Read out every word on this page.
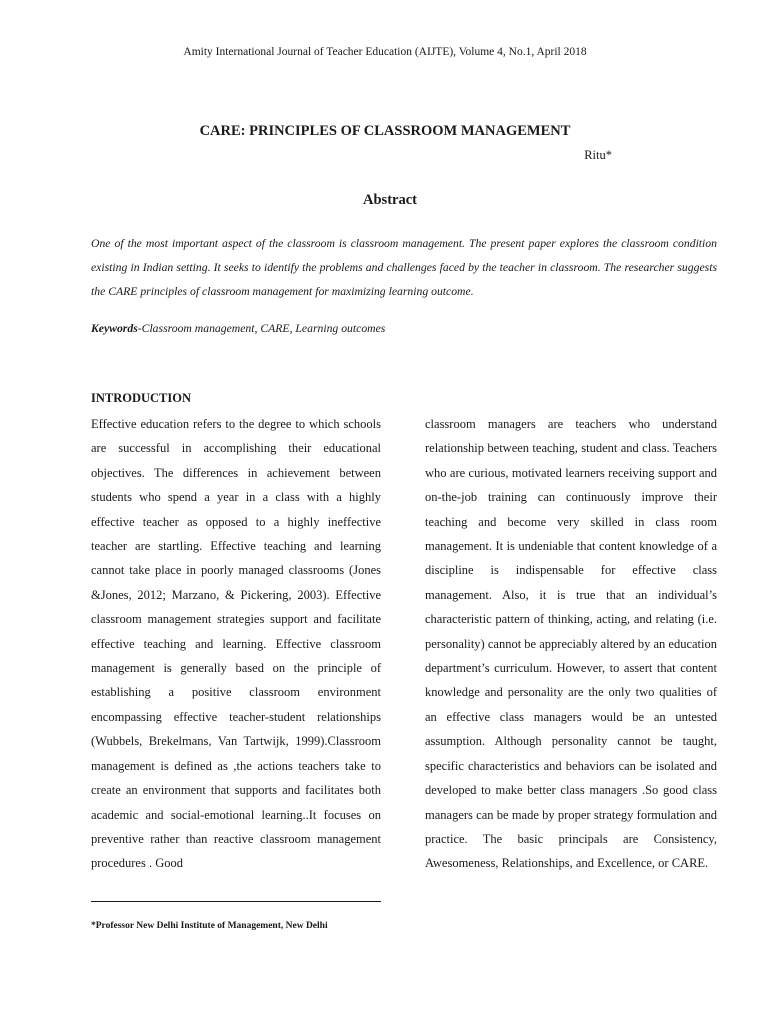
Amity International Journal of Teacher Education (AIJTE), Volume 4, No.1, April 2018
CARE: PRINCIPLES OF CLASSROOM MANAGEMENT
Ritu*
Abstract
One of the most important aspect of the classroom is classroom management. The present paper explores the classroom condition existing in Indian setting. It seeks to identify the problems and challenges faced by the teacher in classroom. The researcher suggests the CARE principles of classroom management for maximizing learning outcome.
Keywords-Classroom management, CARE, Learning outcomes
INTRODUCTION
Effective education refers to the degree to which schools are successful in accomplishing their educational objectives. The differences in achievement between students who spend a year in a class with a highly effective teacher as opposed to a highly ineffective teacher are startling. Effective teaching and learning cannot take place in poorly managed classrooms (Jones &Jones, 2012; Marzano, & Pickering, 2003). Effective classroom management strategies support and facilitate effective teaching and learning. Effective classroom management is generally based on the principle of establishing a positive classroom environment encompassing effective teacher-student relationships (Wubbels, Brekelmans, Van Tartwijk, 1999).Classroom management is defined as ,the actions teachers take to create an environment that supports and facilitates both academic and social-emotional learning..It focuses on preventive rather than reactive classroom management procedures . Good
classroom managers are teachers who understand relationship between teaching, student and class. Teachers who are curious, motivated learners receiving support and on-the-job training can continuously improve their teaching and become very skilled in class room management. It is undeniable that content knowledge of a discipline is indispensable for effective class management. Also, it is true that an individual’s characteristic pattern of thinking, acting, and relating (i.e. personality) cannot be appreciably altered by an education department’s curriculum. However, to assert that content knowledge and personality are the only two qualities of an effective class managers would be an untested assumption. Although personality cannot be taught, specific characteristics and behaviors can be isolated and developed to make better class managers .So good class managers can be made by proper strategy formulation and practice. The basic principals are Consistency, Awesomeness, Relationships, and Excellence, or CARE.
*Professor New Delhi Institute of Management, New Delhi
